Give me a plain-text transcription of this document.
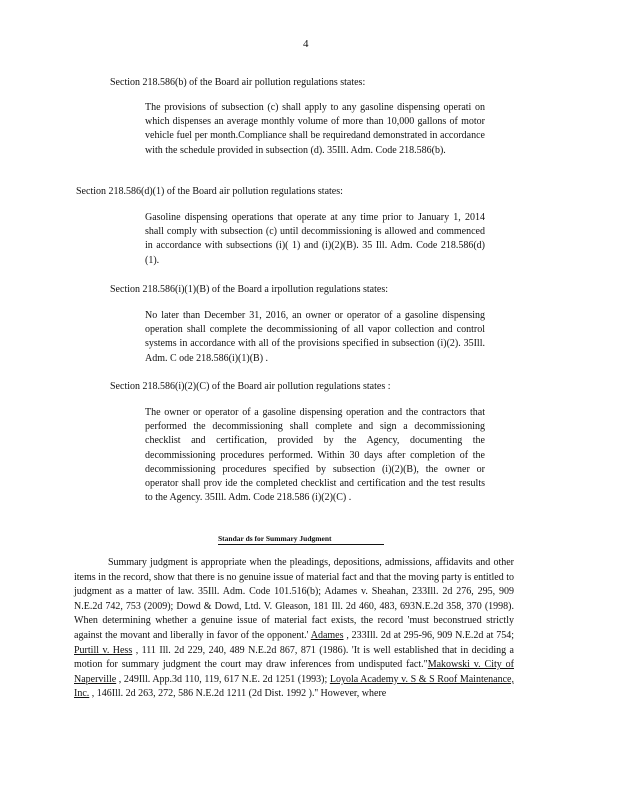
4
Section 218.586(b) of the Board air pollution regulations states:
The provisions of subsection (c) shall apply to any gasoline dispensing operati on which dispenses an average monthly volume of more than 10,000 gallons of motor vehicle fuel per month.Compliance shall be requiredand demonstrated in accordance with the schedule provided in subsection (d). 35Ill. Adm. Code 218.586(b).
Section 218.586(d)(1) of the Board air pollution regulations states:
Gasoline dispensing operations that operate at any time prior to January 1, 2014 shall comply with subsection (c) until decommissioning is allowed and commenced in accordance with subsections (i)( 1) and (i)(2)(B). 35 Ill. Adm. Code 218.586(d)(1).
Section 218.586(i)(1)(B) of the Board a irpollution regulations states:
No later than December 31, 2016, an owner or operator of a gasoline dispensing operation shall complete the decommissioning of all vapor collection and control systems in accordance with all of the provisions specified in subsection (i)(2). 35Ill. Adm. C ode 218.586(i)(1)(B) .
Section 218.586(i)(2)(C) of the Board air pollution regulations states :
The owner or operator of a gasoline dispensing operation and the contractors that performed the decommissioning shall complete and sign a decommissioning checklist and certification, provided by the Agency, documenting the decommissioning procedures performed. Within 30 days after completion of the decommissioning procedures specified by subsection (i)(2)(B), the owner or operator shall prov ide the completed checklist and certification and the test results to the Agency. 35Ill. Adm. Code 218.586 (i)(2)(C) .
Standar ds for Summary Judgment
Summary judgment is appropriate when the pleadings, depositions, admissions, affidavits and other items in the record, show that there is no genuine issue of material fact and that the moving party is entitled to judgment as a matter of law. 35Ill. Adm. Code 101.516(b); Adames v. Sheahan, 233Ill. 2d 276, 295, 909 N.E.2d 742, 753 (2009); Dowd & Dowd, Ltd. V. Gleason, 181 Ill. 2d 460, 483, 693N.E.2d 358, 370 (1998). When determining whether a genuine issue of material fact exists, the record 'must beconstrued strictly against the movant and liberally in favor of the opponent.' Adames , 233Ill. 2d at 295-96, 909 N.E.2d at 754; Purtill v. Hess , 111 Ill. 2d 229, 240, 489 N.E.2d 867, 871 (1986). 'It is well established that in deciding a motion for summary judgment the court may draw inferences from undisputed fact."Makowski v. City of Naperville , 249Ill. App.3d 110, 119, 617 N.E. 2d 1251 (1993); Loyola Academy v. S & S Roof Maintenance, Inc. , 146Ill. 2d 263, 272, 586 N.E.2d 1211 (2d Dist. 1992 ).'' However, where
